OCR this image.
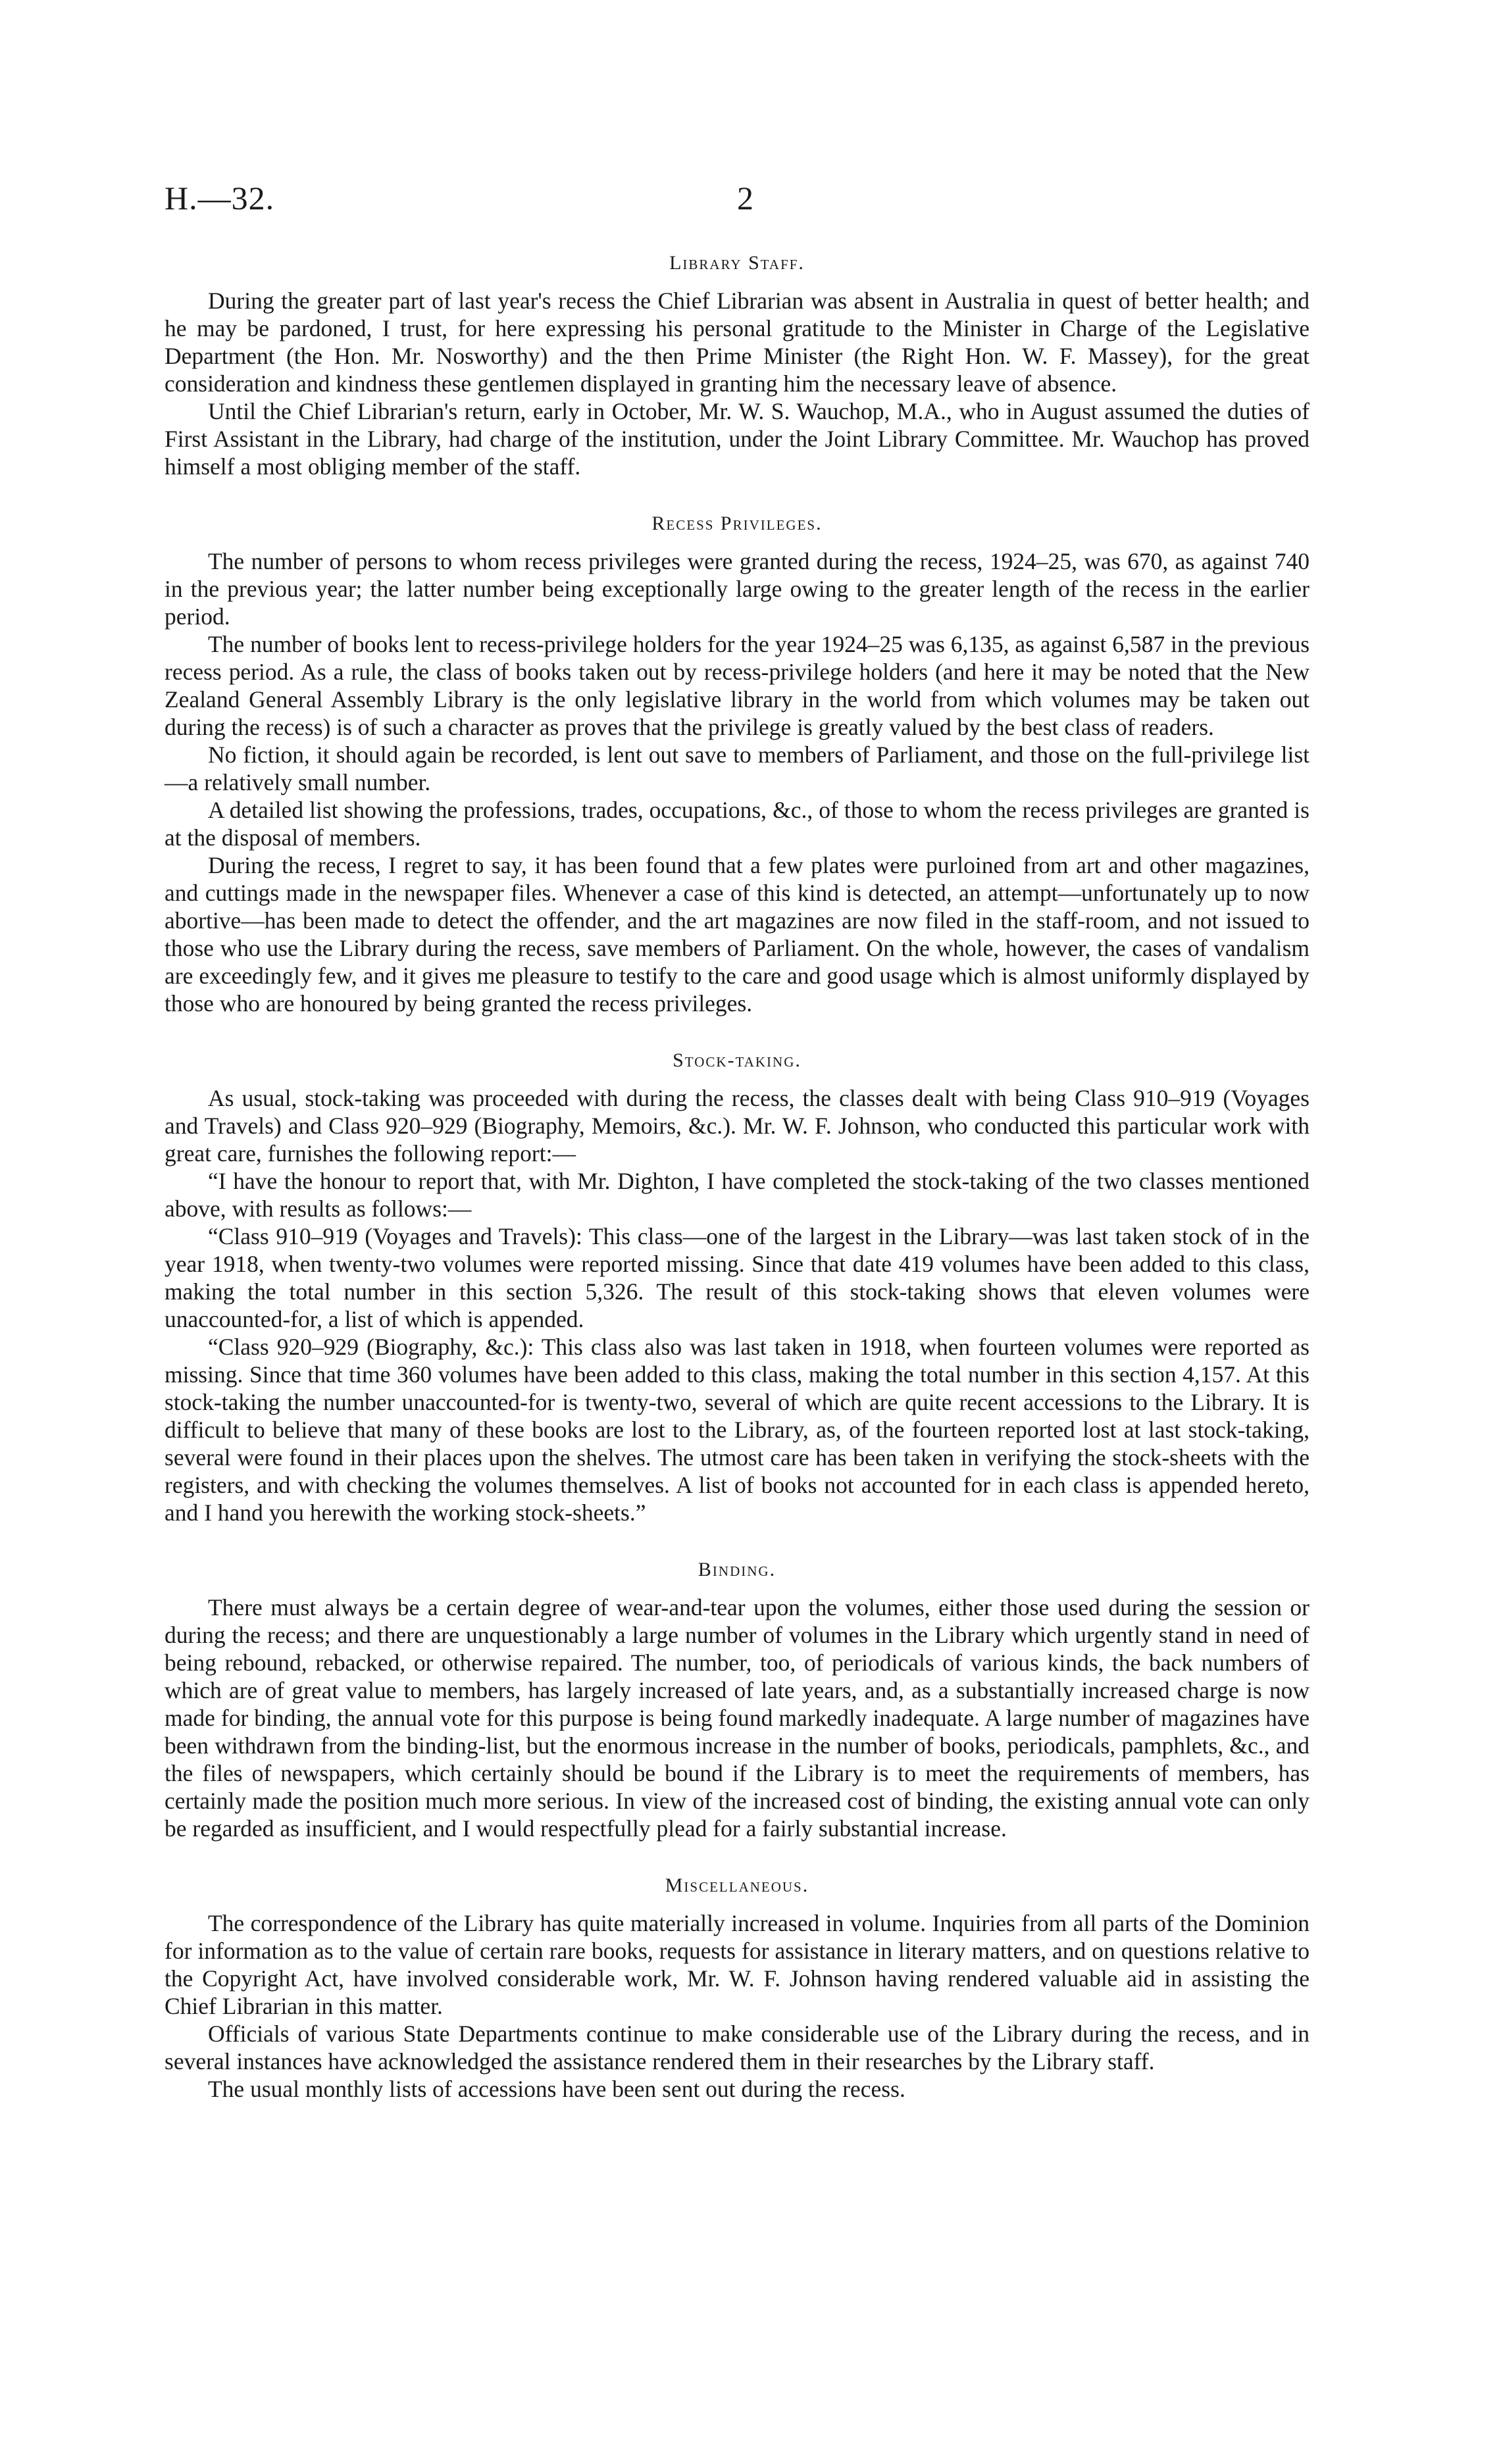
H.—32.	2
Library Staff.

During the greater part of last year's recess the Chief Librarian was absent in Australia in quest of better health; and he may be pardoned, I trust, for here expressing his personal gratitude to the Minister in Charge of the Legislative Department (the Hon. Mr. Nosworthy) and the then Prime Minister (the Right Hon. W. F. Massey), for the great consideration and kindness these gentlemen displayed in granting him the necessary leave of absence.

Until the Chief Librarian's return, early in October, Mr. W. S. Wauchop, M.A., who in August assumed the duties of First Assistant in the Library, had charge of the institution, under the Joint Library Committee. Mr. Wauchop has proved himself a most obliging member of the staff.

Recess Privileges.

The number of persons to whom recess privileges were granted during the recess, 1924–25, was 670, as against 740 in the previous year; the latter number being exceptionally large owing to the greater length of the recess in the earlier period.

The number of books lent to recess-privilege holders for the year 1924–25 was 6,135, as against 6,587 in the previous recess period. As a rule, the class of books taken out by recess-privilege holders (and here it may be noted that the New Zealand General Assembly Library is the only legislative library in the world from which volumes may be taken out during the recess) is of such a character as proves that the privilege is greatly valued by the best class of readers.

No fiction, it should again be recorded, is lent out save to members of Parliament, and those on the full-privilege list—a relatively small number.

A detailed list showing the professions, trades, occupations, &c., of those to whom the recess privileges are granted is at the disposal of members.

During the recess, I regret to say, it has been found that a few plates were purloined from art and other magazines, and cuttings made in the newspaper files. Whenever a case of this kind is detected, an attempt—unfortunately up to now abortive—has been made to detect the offender, and the art magazines are now filed in the staff-room, and not issued to those who use the Library during the recess, save members of Parliament. On the whole, however, the cases of vandalism are exceedingly few, and it gives me pleasure to testify to the care and good usage which is almost uniformly displayed by those who are honoured by being granted the recess privileges.

Stock-taking.

As usual, stock-taking was proceeded with during the recess, the classes dealt with being Class 910–919 (Voyages and Travels) and Class 920–929 (Biography, Memoirs, &c.). Mr. W. F. Johnson, who conducted this particular work with great care, furnishes the following report:—

“I have the honour to report that, with Mr. Dighton, I have completed the stock-taking of the two classes mentioned above, with results as follows:—

“Class 910–919 (Voyages and Travels): This class—one of the largest in the Library—was last taken stock of in the year 1918, when twenty-two volumes were reported missing. Since that date 419 volumes have been added to this class, making the total number in this section 5,326. The result of this stock-taking shows that eleven volumes were unaccounted-for, a list of which is appended.

“Class 920–929 (Biography, &c.): This class also was last taken in 1918, when fourteen volumes were reported as missing. Since that time 360 volumes have been added to this class, making the total number in this section 4,157. At this stock-taking the number unaccounted-for is twenty-two, several of which are quite recent accessions to the Library. It is difficult to believe that many of these books are lost to the Library, as, of the fourteen reported lost at last stock-taking, several were found in their places upon the shelves. The utmost care has been taken in verifying the stock-sheets with the registers, and with checking the volumes themselves. A list of books not accounted for in each class is appended hereto, and I hand you herewith the working stock-sheets.”

Binding.

There must always be a certain degree of wear-and-tear upon the volumes, either those used during the session or during the recess; and there are unquestionably a large number of volumes in the Library which urgently stand in need of being rebound, rebacked, or otherwise repaired. The number, too, of periodicals of various kinds, the back numbers of which are of great value to members, has largely increased of late years, and, as a substantially increased charge is now made for binding, the annual vote for this purpose is being found markedly inadequate. A large number of magazines have been withdrawn from the binding-list, but the enormous increase in the number of books, periodicals, pamphlets, &c., and the files of newspapers, which certainly should be bound if the Library is to meet the requirements of members, has certainly made the position much more serious. In view of the increased cost of binding, the existing annual vote can only be regarded as insufficient, and I would respectfully plead for a fairly substantial increase.

Miscellaneous.

The correspondence of the Library has quite materially increased in volume. Inquiries from all parts of the Dominion for information as to the value of certain rare books, requests for assistance in literary matters, and on questions relative to the Copyright Act, have involved considerable work, Mr. W. F. Johnson having rendered valuable aid in assisting the Chief Librarian in this matter.

Officials of various State Departments continue to make considerable use of the Library during the recess, and in several instances have acknowledged the assistance rendered them in their researches by the Library staff.

The usual monthly lists of accessions have been sent out during the recess.
